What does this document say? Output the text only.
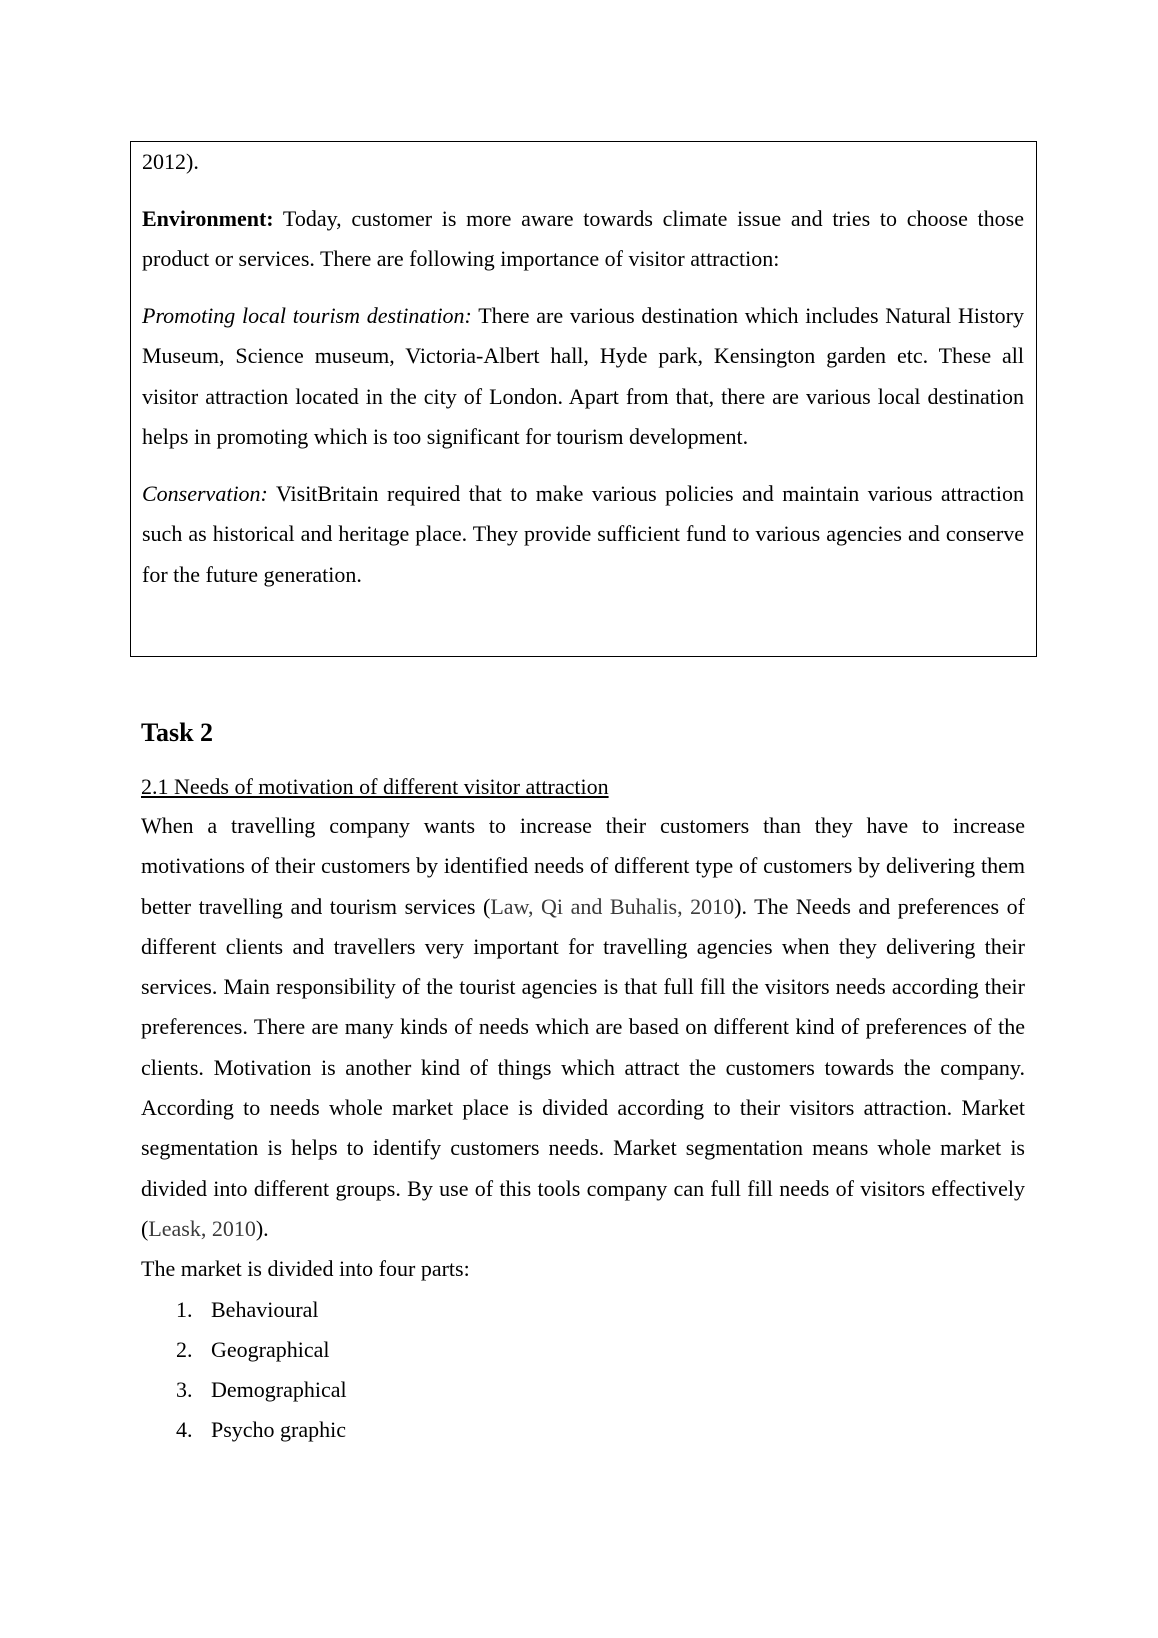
2012).

Environment: Today, customer is more aware towards climate issue and tries to choose those product or services. There are following importance of visitor attraction:

Promoting local tourism destination: There are various destination which includes Natural History Museum, Science museum, Victoria-Albert hall, Hyde park, Kensington garden etc. These all visitor attraction located in the city of London. Apart from that, there are various local destination helps in promoting which is too significant for tourism development.

Conservation: VisitBritain required that to make various policies and maintain various attraction such as historical and heritage place. They provide sufficient fund to various agencies and conserve for the future generation.

Task 2

2.1 Needs of motivation of different visitor attraction

When a travelling company wants to increase their customers than they have to increase motivations of their customers by identified needs of different type of customers by delivering them better travelling and tourism services (Law, Qi and Buhalis, 2010). The Needs and preferences of different clients and travellers very important for travelling agencies when they delivering their services. Main responsibility of the tourist agencies is that full fill the visitors needs according their preferences. There are many kinds of needs which are based on different kind of preferences of the clients. Motivation is another kind of things which attract the customers towards the company. According to needs whole market place is divided according to their visitors attraction. Market segmentation is helps to identify customers needs. Market segmentation means whole market is divided into different groups. By use of this tools company can full fill needs of visitors effectively (Leask, 2010).

The market is divided into four parts:

1. Behavioural
2. Geographical
3. Demographical
4. Psycho graphic
